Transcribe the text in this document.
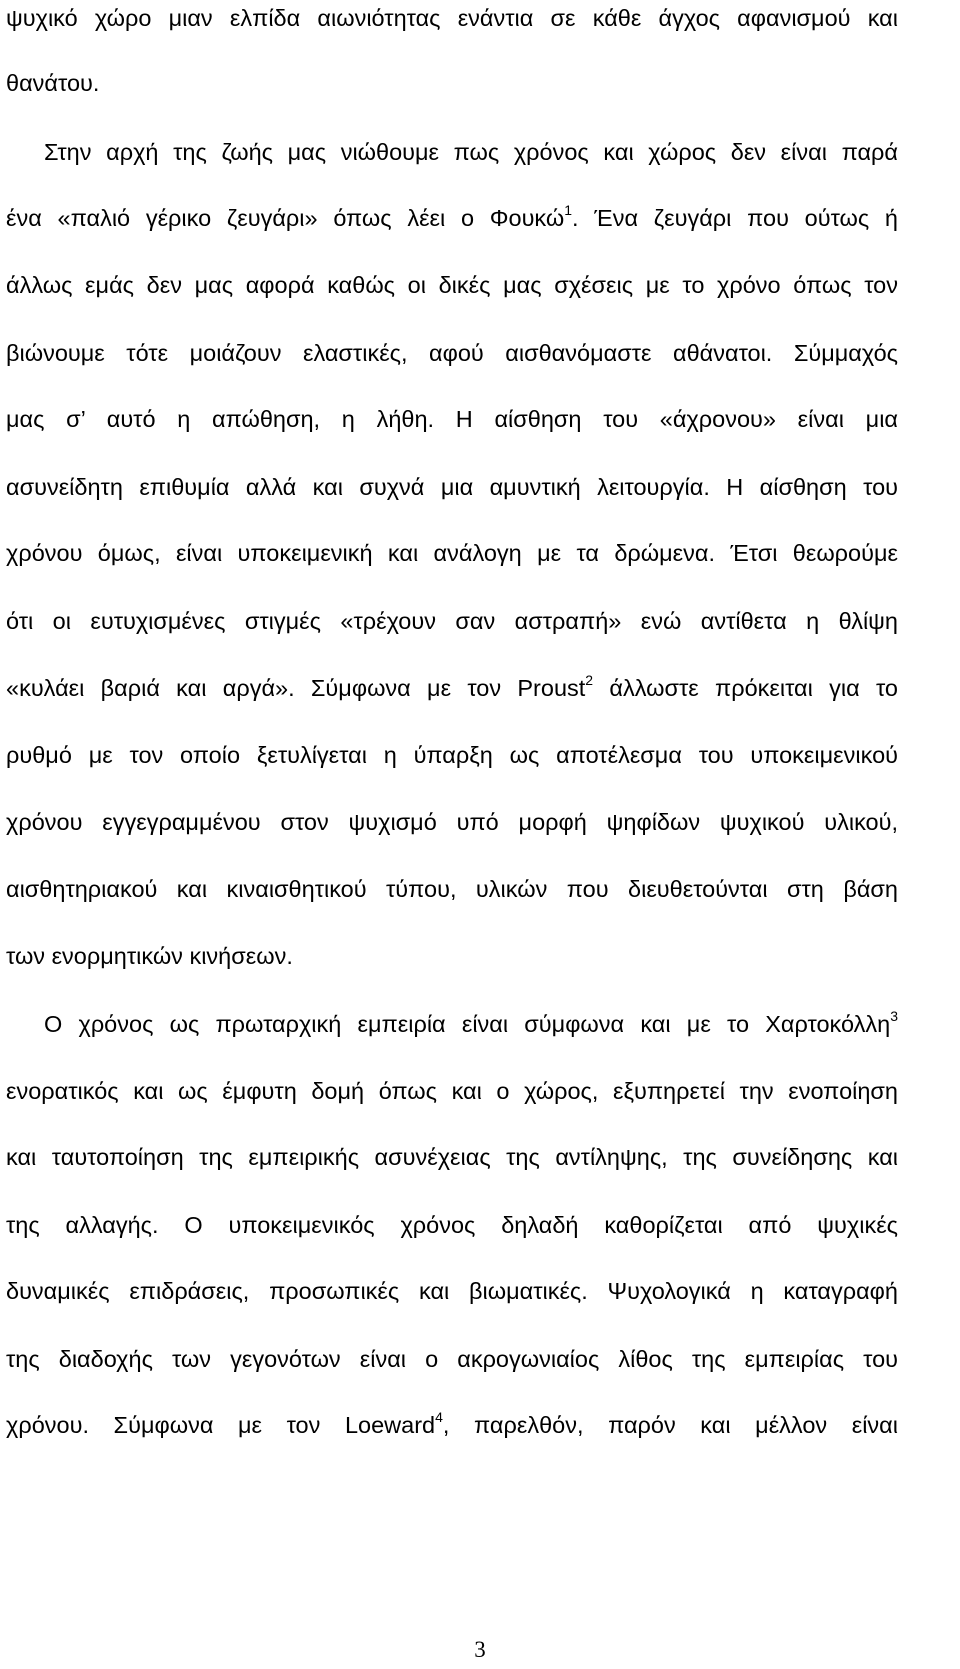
ψυχικό χώρο μιαν ελπίδα αιωνιότητας ενάντια σε κάθε άγχος αφανισμού και
θανάτου.
Στην αρχή της ζωής μας νιώθουμε πως χρόνος και χώρος δεν είναι παρά
ένα «παλιό γέρικο ζευγάρι» όπως λέει ο Φουκώ$^1$. Ένα ζευγάρι που ούτως ή
άλλως εμάς δεν μας αφορά καθώς οι δικές μας σχέσεις με το χρόνο όπως τον
βιώνουμε τότε μοιάζουν ελαστικές, αφού αισθανόμαστε αθάνατοι. Σύμμαχός
μας σ’ αυτό η απώθηση, η λήθη. Η αίσθηση του «άχρονου» είναι μια
ασυνείδητη επιθυμία αλλά και συχνά μια αμυντική λειτουργία. Η αίσθηση του
χρόνου όμως, είναι υποκειμενική και ανάλογη με τα δρώμενα. Έτσι θεωρούμε
ότι οι ευτυχισμένες στιγμές «τρέχουν σαν αστραπή» ενώ αντίθετα η θλίψη
«κυλάει βαριά και αργά». Σύμφωνα με τον Proust$^2$ άλλωστε πρόκειται για το
ρυθμό με τον οποίο ξετυλίγεται η ύπαρξη ως αποτέλεσμα του υποκειμενικού
χρόνου εγγεγραμμένου στον ψυχισμό υπό μορφή ψηφίδων ψυχικού υλικού,
αισθητηριακού και κιναισθητικού τύπου, υλικών που διευθετούνται στη βάση
των ενορμητικών κινήσεων.
Ο χρόνος ως πρωταρχική εμπειρία είναι σύμφωνα και με το Χαρτοκόλλη$^3$
ενορατικός και ως έμφυτη δομή όπως και ο χώρος, εξυπηρετεί την ενοποίηση
και ταυτοποίηση της εμπειρικής ασυνέχειας της αντίληψης, της συνείδησης και
της αλλαγής. Ο υποκειμενικός χρόνος δηλαδή καθορίζεται από ψυχικές
δυναμικές επιδράσεις, προσωπικές και βιωματικές. Ψυχολογικά η καταγραφή
της διαδοχής των γεγονότων είναι ο ακρογωνιαίος λίθος της εμπειρίας του
χρόνου. Σύμφωνα με τον Loeward$^4$, παρελθόν, παρόν και μέλλον είναι
3
